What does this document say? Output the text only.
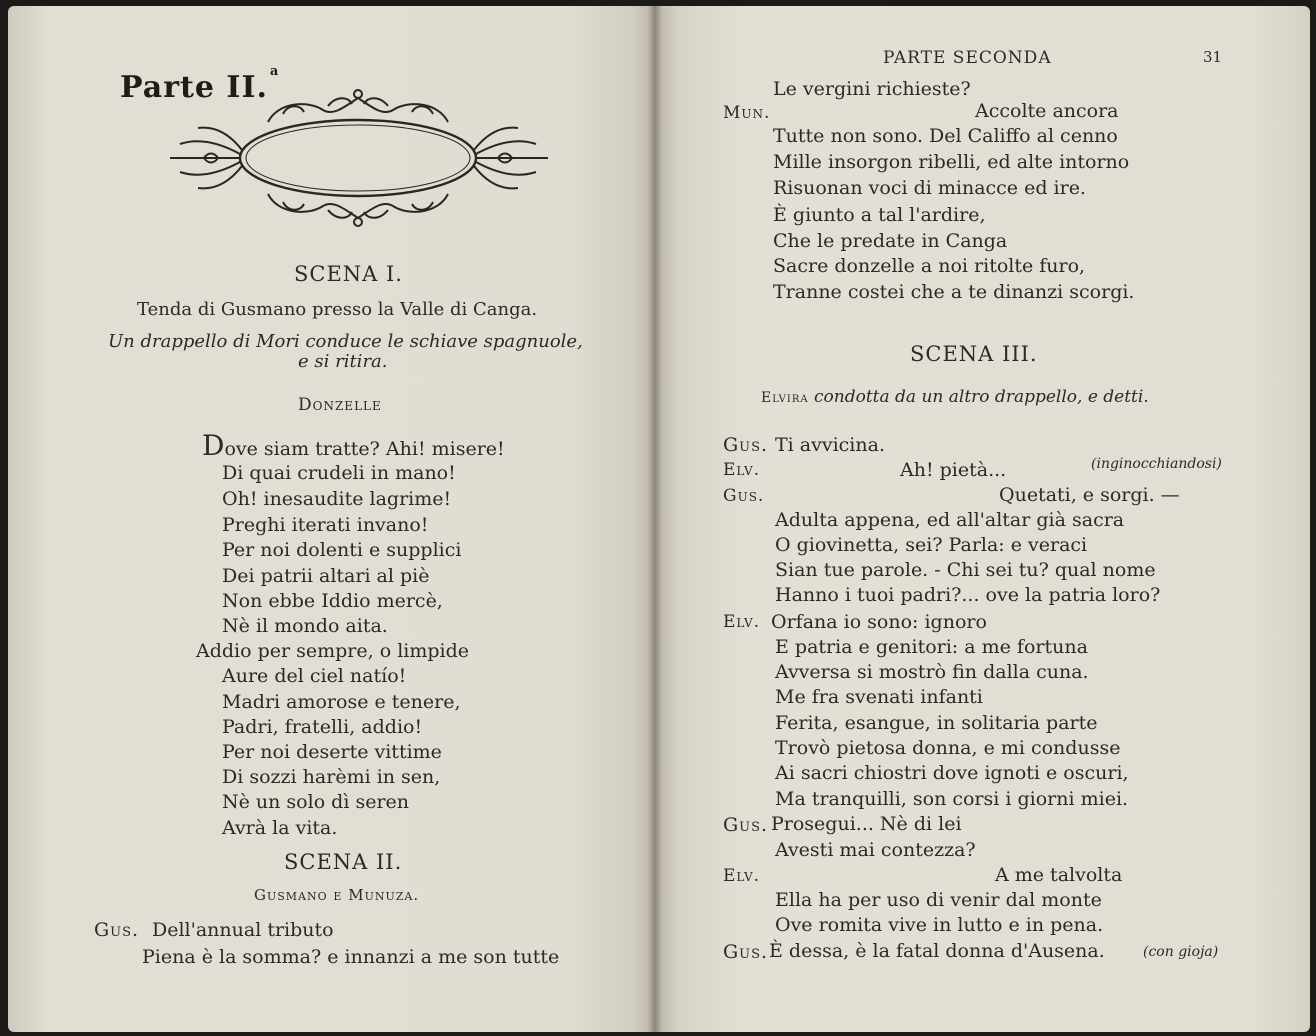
Parte II. $^a$
SCENA I.
Tenda di Gusmano presso la Valle di Canga.
Un drappello di Mori conduce le schiave spagnuole,
e si ritira.
Donzelle
Dove siam tratte? Ahi! misere!
Di quai crudeli in mano!
Oh! inesaudite lagrime!
Preghi iterati invano!
Per noi dolenti e supplici
Dei patrii altari al piè
Non ebbe Iddio mercè,
Nè il mondo aita.
Addio per sempre, o limpide
Aure del ciel natío!
Madri amorose e tenere,
Padri, fratelli, addio!
Per noi deserte vittime
Di sozzi harèmi in sen,
Nè un solo dì seren
Avrà la vita.
SCENA II.
Gusmano e Munuza.
Gus. Dell'annual tributo
Piena è la somma? e innanzi a me son tutte
PARTE SECONDA	31
Le vergini richieste?
Mun.	Accolte ancora
Tutte non sono. Del Califfo al cenno
Mille insorgon ribelli, ed alte intorno
Risuonan voci di minacce ed ire.
È giunto a tal l'ardire,
Che le predate in Canga
Sacre donzelle a noi ritolte furo,
Tranne costei che a te dinanzi scorgi.
SCENA III.
Elvira condotta da un altro drappello, e detti.
Gus. Ti avvicina.
Elv.	Ah! pietà...	(inginocchiandosi)
Gus.	Quetati, e sorgi. —
Adulta appena, ed all'altar già sacra
O giovinetta, sei? Parla: e veraci
Sian tue parole. - Chi sei tu? qual nome
Hanno i tuoi padri?... ove la patria loro?
Elv. Orfana io sono: ignoro
E patria e genitori: a me fortuna
Avversa si mostrò fin dalla cuna.
Me fra svenati infanti
Ferita, esangue, in solitaria parte
Trovò pietosa donna, e mi condusse
Ai sacri chiostri dove ignoti e oscuri,
Ma tranquilli, son corsi i giorni miei.
Gus. Prosegui... Nè di lei
Avesti mai contezza?
Elv.	A me talvolta
Ella ha per uso di venir dal monte
Ove romita vive in lutto e in pena.
Gus. È dessa, è la fatal donna d'Ausena.	(con gioja)
